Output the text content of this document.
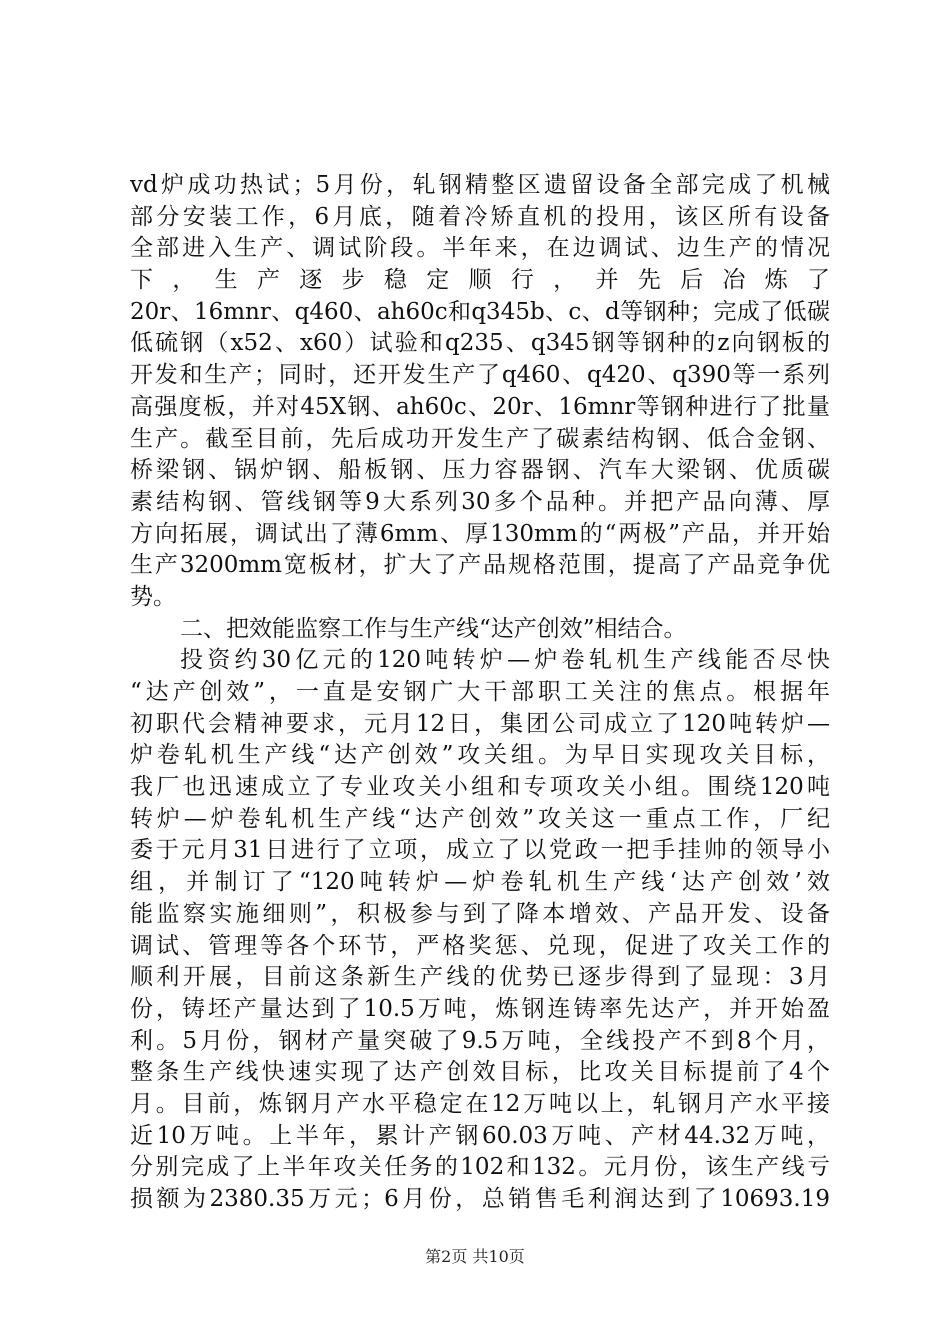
vd炉成功热试；5月份，轧钢精整区遗留设备全部完成了机械
部分安装工作，6月底，随着冷矫直机的投用，该区所有设备
全部进入生产、调试阶段。半年来，在边调试、边生产的情况
下，生产逐步稳定顺行，并先后冶炼了
20r、16mnr、q460、ah60c和q345b、c、d等钢种；完成了低碳
低硫钢（x52、x60）试验和q235、q345钢等钢种的z向钢板的
开发和生产；同时，还开发生产了q460、q420、q390等一系列
高强度板，并对45X钢、ah60c、20r、16mnr等钢种进行了批量
生产。截至目前，先后成功开发生产了碳素结构钢、低合金钢、
桥梁钢、锅炉钢、船板钢、压力容器钢、汽车大梁钢、优质碳
素结构钢、管线钢等9大系列30多个品种。并把产品向薄、厚
方向拓展，调试出了薄6mm、厚130mm的“两极”产品，并开始
生产3200mm宽板材，扩大了产品规格范围，提高了产品竞争优
势。
二、把效能监察工作与生产线“达产创效”相结合。
投资约30亿元的120吨转炉—炉卷轧机生产线能否尽快
“达产创效”，一直是安钢广大干部职工关注的焦点。根据年
初职代会精神要求，元月12日，集团公司成立了120吨转炉—
炉卷轧机生产线“达产创效”攻关组。为早日实现攻关目标，
我厂也迅速成立了专业攻关小组和专项攻关小组。围绕120吨
转炉—炉卷轧机生产线“达产创效”攻关这一重点工作，厂纪
委于元月31日进行了立项，成立了以党政一把手挂帅的领导小
组，并制订了“120吨转炉—炉卷轧机生产线‘达产创效’效
能监察实施细则”，积极参与到了降本增效、产品开发、设备
调试、管理等各个环节，严格奖惩、兑现，促进了攻关工作的
顺利开展，目前这条新生产线的优势已逐步得到了显现：3月
份，铸坯产量达到了10.5万吨，炼钢连铸率先达产，并开始盈
利。5月份，钢材产量突破了9.5万吨，全线投产不到8个月，
整条生产线快速实现了达产创效目标，比攻关目标提前了4个
月。目前，炼钢月产水平稳定在12万吨以上，轧钢月产水平接
近10万吨。上半年，累计产钢60.03万吨、产材44.32万吨，
分别完成了上半年攻关任务的102和132。元月份，该生产线亏
损额为2380.35万元；6月份，总销售毛利润达到了10693.19
第2页 共10页
